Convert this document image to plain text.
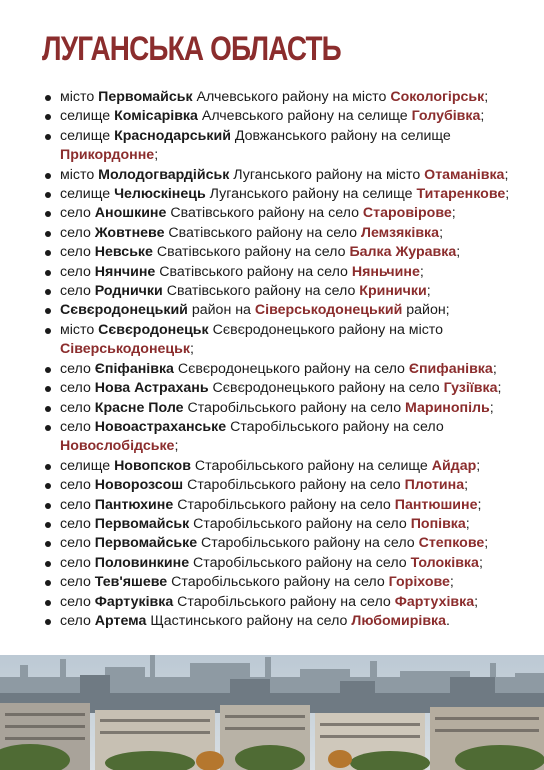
ЛУГАНСЬКА ОБЛАСТЬ
місто Первомайськ Алчевського району на місто Сокологірськ;
селище Комісарівка Алчевського району на селище Голубівка;
селище Краснодарський Довжанського району на селище Прикордонне;
місто Молодогвардійськ Луганського району на місто Отаманівка;
селище Челюскінець Луганського району на селище Титаренкове;
село Аношкине Сватівського району на село Старовірове;
село Жовтневе Сватівського району на село Лемзяківка;
село Невське Сватівського району на село Балка Журавка;
село Нянчине Сватівського району на село Няньчине;
село Роднички Сватівського району на село Кринички;
Сєвєродонецький район на Сіверськодонецький район;
місто Сєвєродонецьк Сєвєродонецького району на місто Сіверськодонецьк;
село Єпіфанівка Сєвєродонецького району на село Єпифанівка;
село Нова Астрахань Сєвєродонецького району на село Гузіївка;
село Красне Поле Старобільського району на село Маринопіль;
село Новоастраханське Старобільського району на село Новослобідське;
селище Новопсков Старобільського району на селище Айдар;
село Новорозсош Старобільського району на село Плотина;
село Пантюхине Старобільського району на село Пантюшине;
село Первомайськ Старобільського району на село Попівка;
село Первомайське Старобільського району на село Степкове;
село Половинкине Старобільського району на село Толоківка;
село Тев'яшеве Старобільського району на село Горіхове;
село Фартуківка Старобільського району на село Фартухівка;
село Артема Щастинського району на село Любомирівка.
